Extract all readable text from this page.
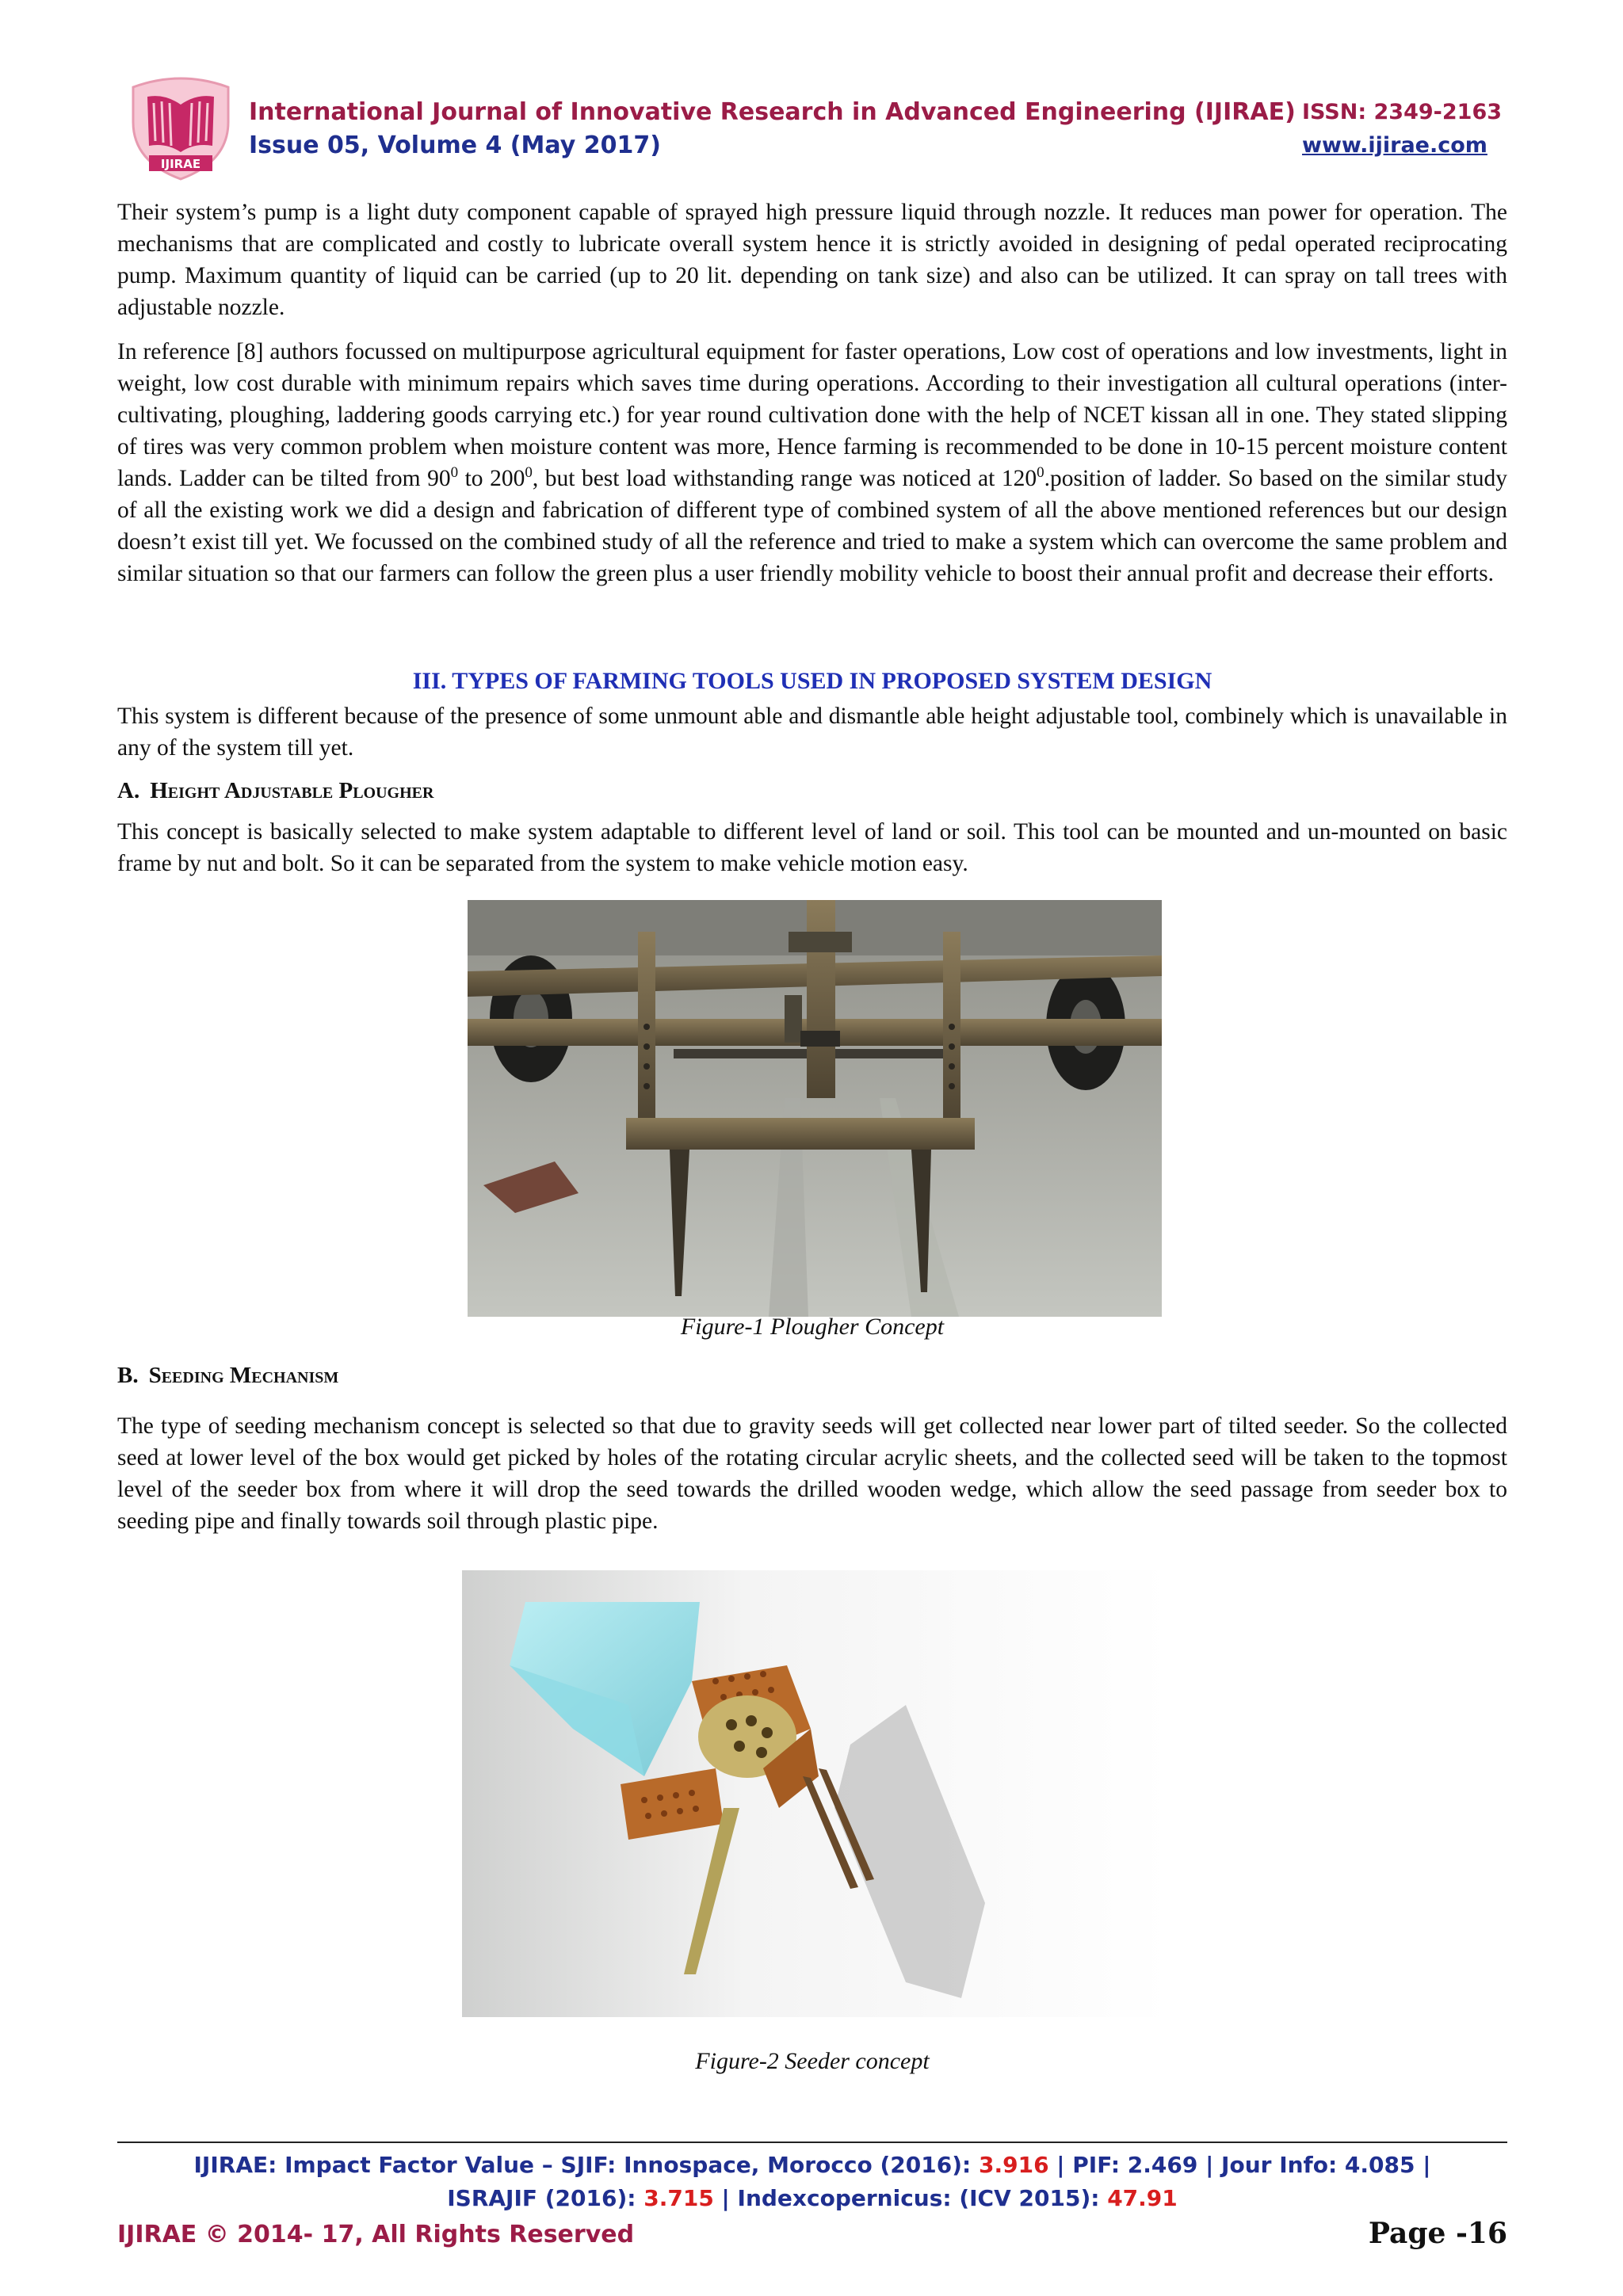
IJIRAE
International Journal of Innovative Research in Advanced Engineering (IJIRAE)
Issue 05, Volume 4 (May 2017)
ISSN: 2349-2163
www.ijirae.com
Their system’s pump is a light duty component capable of sprayed high pressure liquid through nozzle. It reduces man power for operation. The mechanisms that are complicated and costly to lubricate overall system hence it is strictly avoided in designing of pedal operated reciprocating pump. Maximum quantity of liquid can be carried (up to 20 lit. depending on tank size) and also can be utilized. It can spray on tall trees with adjustable nozzle.
In reference [8] authors focussed on multipurpose agricultural equipment for faster operations, Low cost of operations and low investments, light in weight, low cost durable with minimum repairs which saves time during operations. According to their investigation all cultural operations (inter-cultivating, ploughing, laddering goods carrying etc.) for year round cultivation done with the help of NCET kissan all in one. They stated slipping of tires was very common problem when moisture content was more, Hence farming is recommended to be done in 10-15 percent moisture content lands. Ladder can be tilted from $90^0$ to $200^0$, but best load withstanding range was noticed at $120^0.position$ of ladder. So based on the similar study of all the existing work we did a design and fabrication of different type of combined system of all the above mentioned references but our design doesn’t exist till yet. We focussed on the combined study of all the reference and tried to make a system which can overcome the same problem and similar situation so that our farmers can follow the green plus a user friendly mobility vehicle to boost their annual profit and decrease their efforts.
III. TYPES OF FARMING TOOLS USED IN PROPOSED SYSTEM DESIGN
This system is different because of the presence of some unmount able and dismantle able height adjustable tool, combinely which is unavailable in any of the system till yet.
A. Height Adjustable Plougher
This concept is basically selected to make system adaptable to different level of land or soil. This tool can be mounted and un-mounted on basic frame by nut and bolt. So it can be separated from the system to make vehicle motion easy.
Figure-1 Plougher Concept
B. Seeding Mechanism
The type of seeding mechanism concept is selected so that due to gravity seeds will get collected near lower part of tilted seeder. So the collected seed at lower level of the box would get picked by holes of the rotating circular acrylic sheets, and the collected seed will be taken to the topmost level of the seeder box from where it will drop the seed towards the drilled wooden wedge, which allow the seed passage from seeder box to seeding pipe and finally towards soil through plastic pipe.
Figure-2 Seeder concept
IJIRAE: Impact Factor Value – SJIF: Innospace, Morocco (2016): 3.916 | PIF: 2.469 | Jour Info: 4.085 |
ISRAJIF (2016): 3.715 | Indexcopernicus: (ICV 2015): 47.91
IJIRAE © 2014- 17, All Rights Reserved	Page -16
